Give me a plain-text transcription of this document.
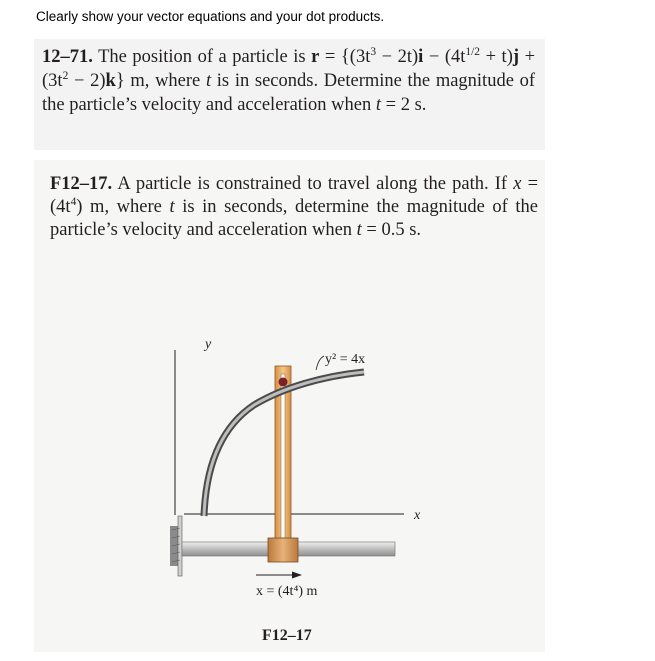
Clearly show your vector equations and your dot products.
12–71. The position of a particle is $r = \{(3t^3 - 2t)i - (4t^{1/2} + t)j + (3t^2 - 2)k\}$ m, where t is in seconds. Determine the magnitude of the particle’s velocity and acceleration when t = 2 s.
F12–17. A particle is constrained to travel along the path. If $x = (4t^4)$ m, where t is in seconds, determine the magnitude of the particle’s velocity and acceleration when t = 0.5 s.
y
x
y² = 4x
x = (4t⁴) m
F12–17
